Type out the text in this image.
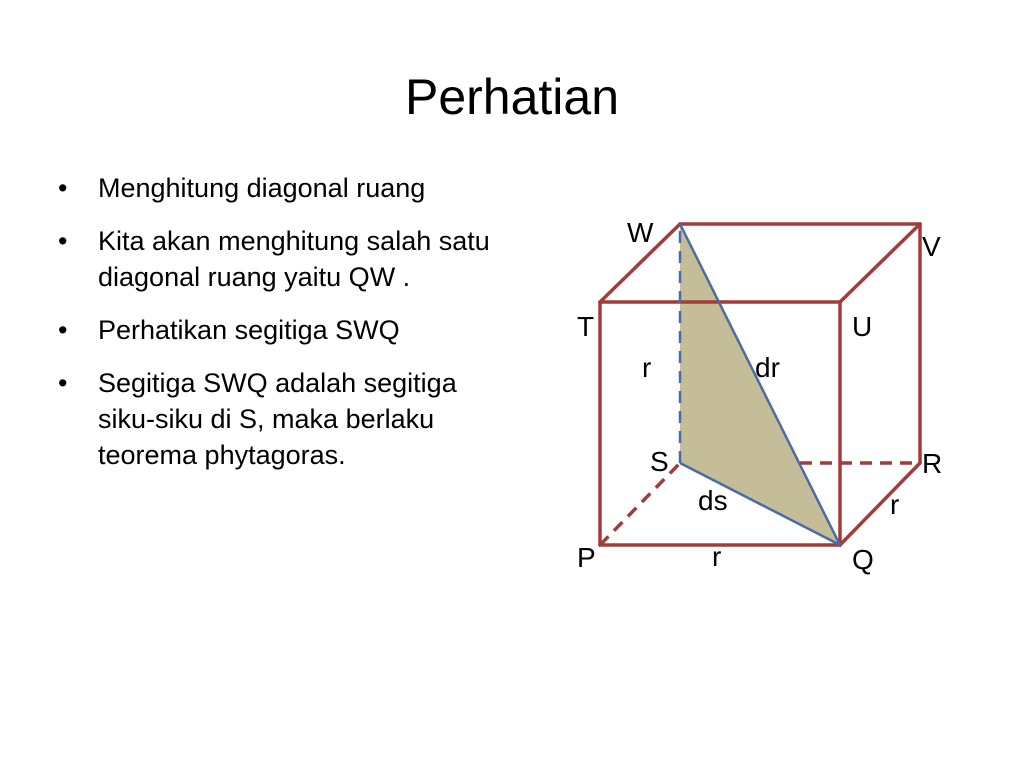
Perhatian
• Menghitung diagonal ruang
• Kita akan menghitung salah satu diagonal ruang yaitu QW .
• Perhatikan segitiga SWQ
• Segitiga SWQ adalah segitiga siku-siku di S, maka berlaku teorema phytagoras.
W	V
T	U
S	R
P	Q
r	dr
ds	r
r
